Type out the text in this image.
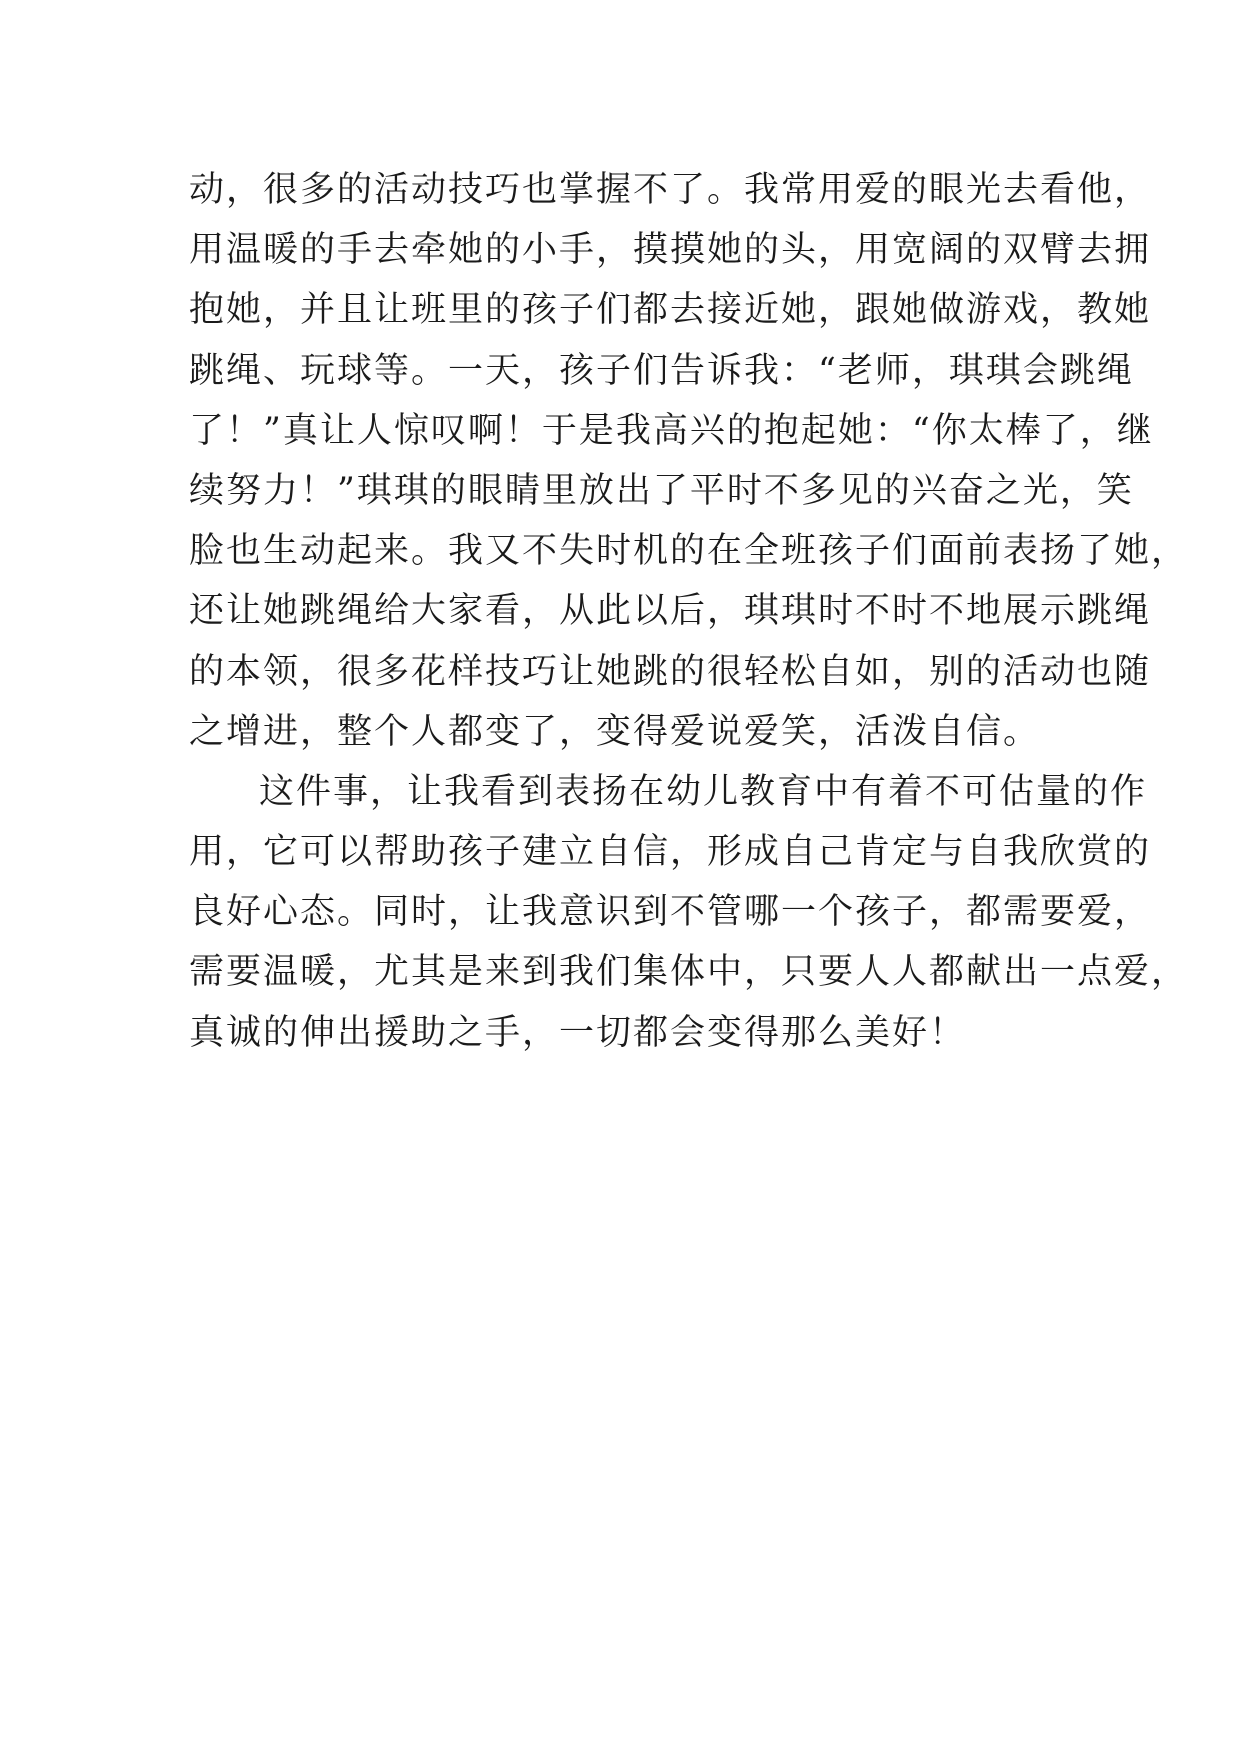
动，很多的活动技巧也掌握不了。我常用爱的眼光去看他，
用温暖的手去牵她的小手，摸摸她的头，用宽阔的双臂去拥
抱她，并且让班里的孩子们都去接近她，跟她做游戏，教她
跳绳、玩球等。一天，孩子们告诉我：“老师，琪琪会跳绳
了！”真让人惊叹啊！于是我高兴的抱起她：“你太棒了，继
续努力！”琪琪的眼睛里放出了平时不多见的兴奋之光，笑
脸也生动起来。我又不失时机的在全班孩子们面前表扬了她，
还让她跳绳给大家看，从此以后，琪琪时不时不地展示跳绳
的本领，很多花样技巧让她跳的很轻松自如，别的活动也随
之增进，整个人都变了，变得爱说爱笑，活泼自信。
这件事，让我看到表扬在幼儿教育中有着不可估量的作
用，它可以帮助孩子建立自信，形成自己肯定与自我欣赏的
良好心态。同时，让我意识到不管哪一个孩子，都需要爱，
需要温暖，尤其是来到我们集体中，只要人人都献出一点爱，
真诚的伸出援助之手，一切都会变得那么美好！
